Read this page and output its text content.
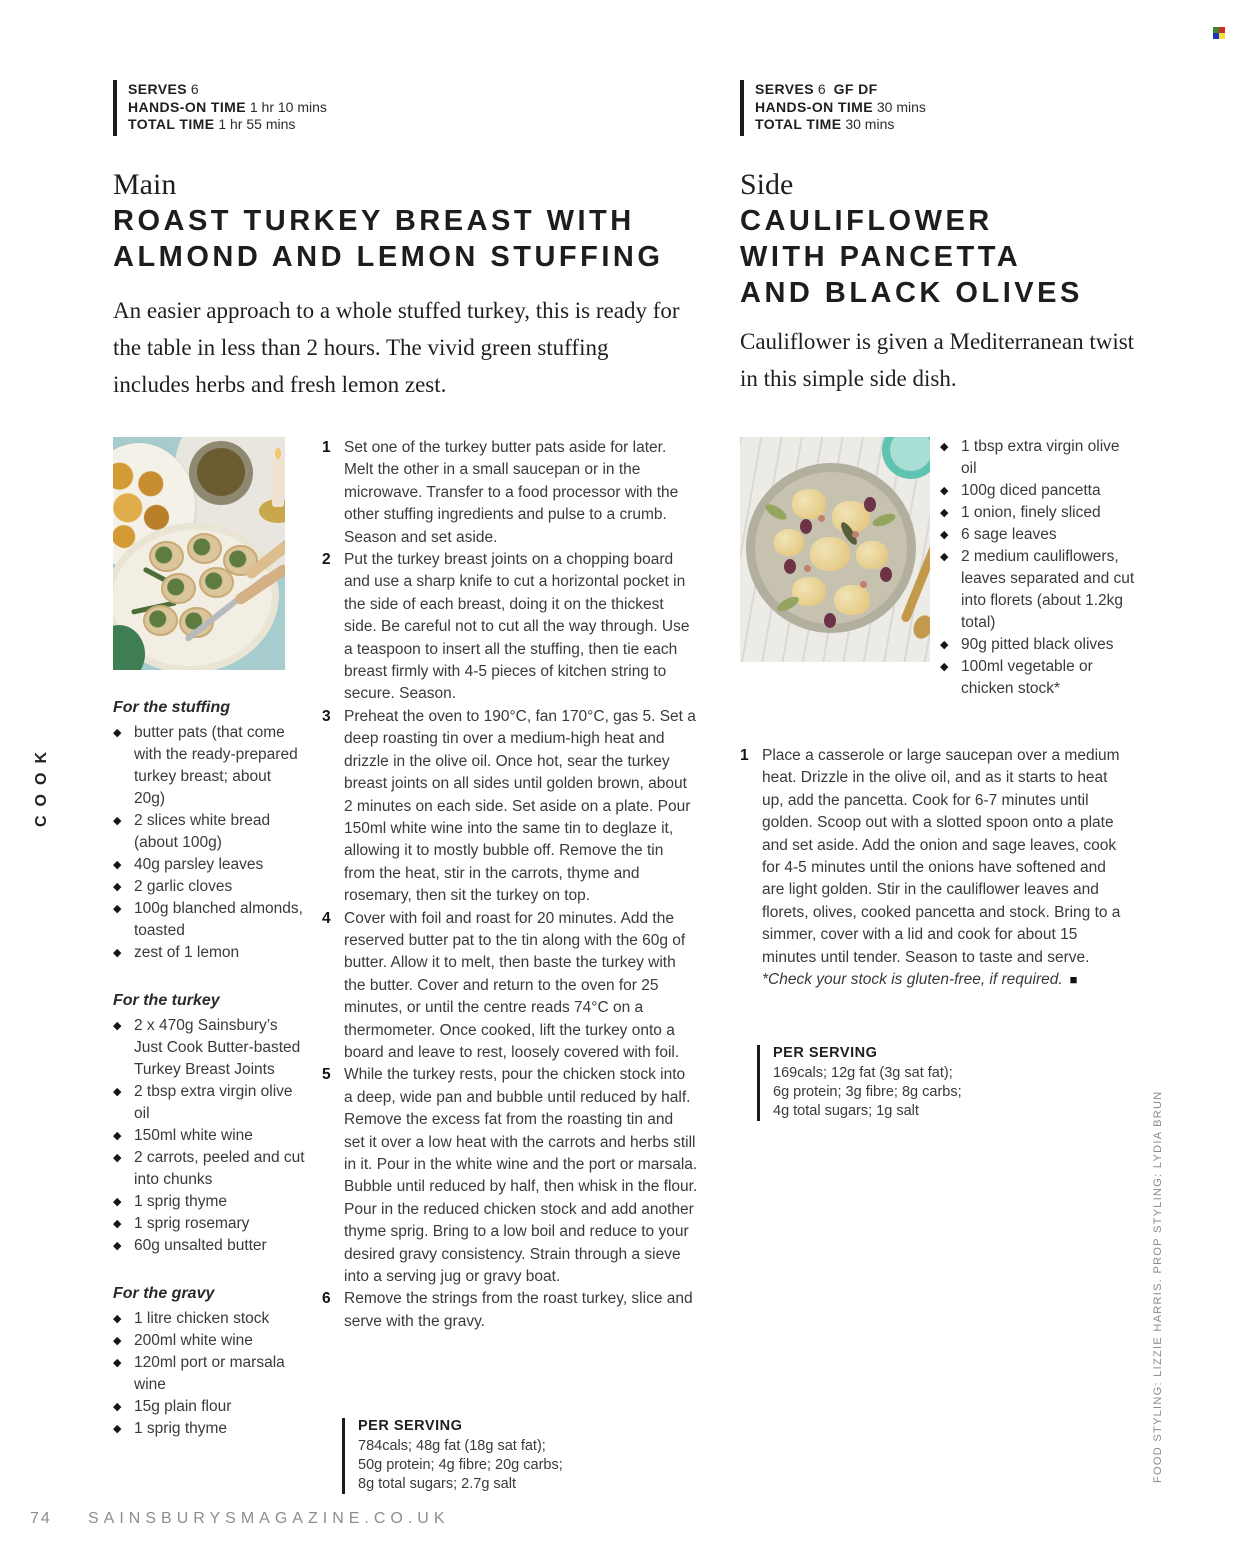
SERVES 6
HANDS-ON TIME 1 hr 10 mins
TOTAL TIME 1 hr 55 mins
Main
ROAST TURKEY BREAST WITH
ALMOND AND LEMON STUFFING
An easier approach to a whole stuffed turkey, this is ready for the table in less than 2 hours. The vivid green stuffing includes herbs and fresh lemon zest.
For the stuffing
◆ butter pats (that come with the ready-prepared turkey breast; about 20g)
◆ 2 slices white bread (about 100g)
◆ 40g parsley leaves
◆ 2 garlic cloves
◆ 100g blanched almonds, toasted
◆ zest of 1 lemon
For the turkey
◆ 2 x 470g Sainsbury’s Just Cook Butter-basted Turkey Breast Joints
◆ 2 tbsp extra virgin olive oil
◆ 150ml white wine
◆ 2 carrots, peeled and cut into chunks
◆ 1 sprig thyme
◆ 1 sprig rosemary
◆ 60g unsalted butter
For the gravy
◆ 1 litre chicken stock
◆ 200ml white wine
◆ 120ml port or marsala wine
◆ 15g plain flour
◆ 1 sprig thyme
1 Set one of the turkey butter pats aside for later. Melt the other in a small saucepan or in the microwave. Transfer to a food processor with the other stuffing ingredients and pulse to a crumb. Season and set aside.
2 Put the turkey breast joints on a chopping board and use a sharp knife to cut a horizontal pocket in the side of each breast, doing it on the thickest side. Be careful not to cut all the way through. Use a teaspoon to insert all the stuffing, then tie each breast firmly with 4-5 pieces of kitchen string to secure. Season.
3 Preheat the oven to 190°C, fan 170°C, gas 5. Set a deep roasting tin over a medium-high heat and drizzle in the olive oil. Once hot, sear the turkey breast joints on all sides until golden brown, about 2 minutes on each side. Set aside on a plate. Pour 150ml white wine into the same tin to deglaze it, allowing it to mostly bubble off. Remove the tin from the heat, stir in the carrots, thyme and rosemary, then sit the turkey on top.
4 Cover with foil and roast for 20 minutes. Add the reserved butter pat to the tin along with the 60g of butter. Allow it to melt, then baste the turkey with the butter. Cover and return to the oven for 25 minutes, or until the centre reads 74°C on a thermometer. Once cooked, lift the turkey onto a board and leave to rest, loosely covered with foil.
5 While the turkey rests, pour the chicken stock into a deep, wide pan and bubble until reduced by half. Remove the excess fat from the roasting tin and set it over a low heat with the carrots and herbs still in it. Pour in the white wine and the port or marsala. Bubble until reduced by half, then whisk in the flour. Pour in the reduced chicken stock and add another thyme sprig. Bring to a low boil and reduce to your desired gravy consistency. Strain through a sieve into a serving jug or gravy boat.
6 Remove the strings from the roast turkey, slice and serve with the gravy.
PER SERVING
784cals; 48g fat (18g sat fat);
50g protein; 4g fibre; 20g carbs;
8g total sugars; 2.7g salt
SERVES 6 GF DF
HANDS-ON TIME 30 mins
TOTAL TIME 30 mins
Side
CAULIFLOWER
WITH PANCETTA
AND BLACK OLIVES
Cauliflower is given a Mediterranean twist in this simple side dish.
◆ 1 tbsp extra virgin olive oil
◆ 100g diced pancetta
◆ 1 onion, finely sliced
◆ 6 sage leaves
◆ 2 medium cauliflowers, leaves separated and cut into florets (about 1.2kg total)
◆ 90g pitted black olives
◆ 100ml vegetable or chicken stock*
1 Place a casserole or large saucepan over a medium heat. Drizzle in the olive oil, and as it starts to heat up, add the pancetta. Cook for 6-7 minutes until golden. Scoop out with a slotted spoon onto a plate and set aside. Add the onion and sage leaves, cook for 4-5 minutes until the onions have softened and are light golden. Stir in the cauliflower leaves and florets, olives, cooked pancetta and stock. Bring to a simmer, cover with a lid and cook for about 15 minutes until tender. Season to taste and serve.
*Check your stock is gluten-free, if required. ■
PER SERVING
169cals; 12g fat (3g sat fat);
6g protein; 3g fibre; 8g carbs;
4g total sugars; 1g salt
COOK
FOOD STYLING: LIZZIE HARRIS. PROP STYLING: LYDIA BRUN
74 SAINSBURYSMAGAZINE.CO.UK
